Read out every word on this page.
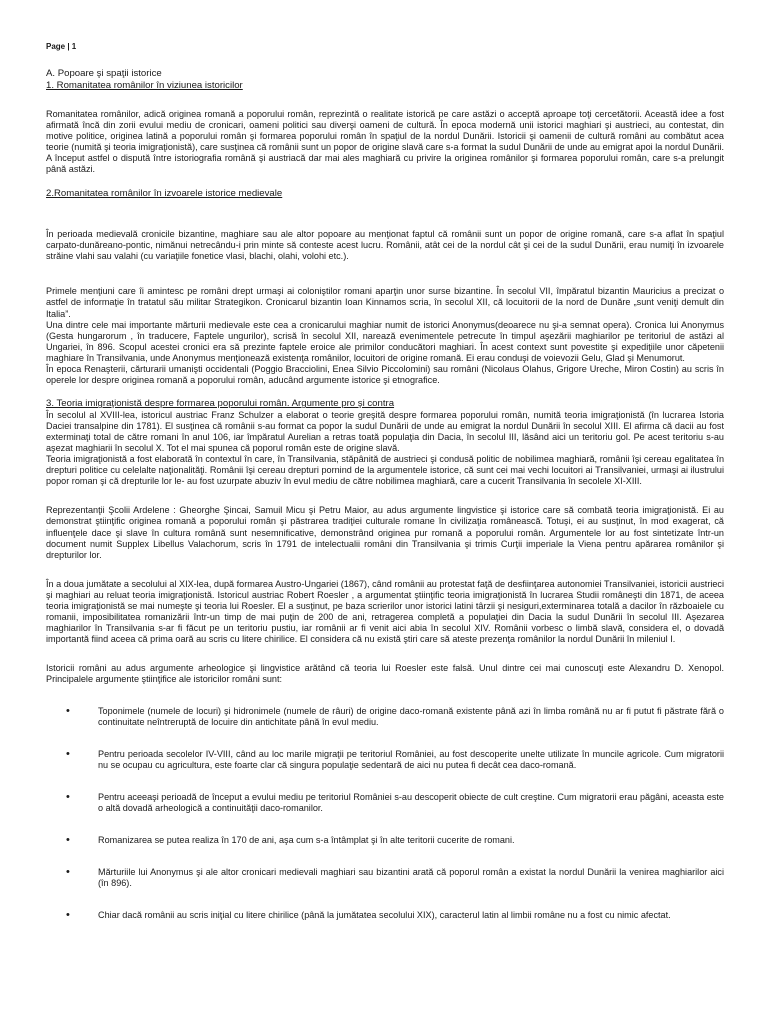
Page | 1

A. Popoare şi spaţii istorice

1. Romanitatea românilor în viziunea istoricilor

Romanitatea românilor, adică originea romană a poporului român, reprezintă o realitate istorică pe care astăzi o acceptă aproape toţi cercetătorii. Această idee a fost afirmată încă din zorii evului mediu de cronicari, oameni politici sau diverşi oameni de cultură. În epoca modernă unii istorici maghiari şi austrieci, au contestat, din motive politice, originea latină a poporului român şi formarea poporului român în spaţiul de la nordul Dunării. Istoricii şi oamenii de cultură români au combătut acea teorie (numită şi teoria imigraţionistă), care susţinea că românii sunt un popor de origine slavă care s-a format la sudul Dunării de unde au emigrat apoi la nordul Dunării. A început astfel o dispută între istoriografia română şi austriacă dar mai ales maghiară cu privire la originea românilor şi formarea poporului român, care s-a prelungit până astăzi.

2.Romanitatea românilor în izvoarele istorice medievale

În perioada medievală cronicile bizantine, maghiare sau ale altor popoare au menţionat faptul că românii sunt un popor de origine romană, care s-a aflat în spaţiul carpato-dunăreano-pontic, nimănui netrecându-i prin minte să conteste acest lucru. Românii, atât cei de la nordul cât şi cei de la sudul Dunării, erau numiţi în izvoarele străine vlahi sau valahi (cu variaţiile fonetice vlasi, blachi, olahi, volohi etc.).

Primele menţiuni care îi amintesc pe români drept urmaşi ai coloniştilor romani aparţin unor surse bizantine. În secolul VII, împăratul bizantin Mauricius a precizat o astfel de informaţie în tratatul său militar Strategikon. Cronicarul bizantin Ioan Kinnamos scria, în secolul XII, că locuitorii de la nord de Dunăre „sunt veniţi demult din Italia”.

Una dintre cele mai importante mărturii medievale este cea a cronicarului maghiar numit de istorici Anonymus(deoarece nu şi-a semnat opera). Cronica lui Anonymus (Gesta hungarorum , în traducere, Faptele ungurilor), scrisă în secolul XII, narează evenimentele petrecute în timpul aşezării maghiarilor pe teritoriul de astăzi al Ungariei, în 896. Scopul acestei cronici era să prezinte faptele eroice ale primilor conducători maghiari. În acest context sunt povestite şi expediţiile unor căpetenii maghiare în Transilvania, unde Anonymus menţionează existenţa românilor, locuitori de origine romană. Ei erau conduşi de voievozii Gelu, Glad şi Menumorut.

În epoca Renaşterii, cărturarii umanişti occidentali (Poggio Bracciolini, Enea Silvio Piccolomini) sau români (Nicolaus Olahus, Grigore Ureche, Miron Costin) au scris în operele lor despre originea romană a poporului român, aducând argumente istorice şi etnografice.

3. Teoria imigraţionistă despre formarea poporului român. Argumente pro şi contra

În secolul al XVIII-lea, istoricul austriac Franz Schulzer a elaborat o teorie greşită despre formarea poporului român, numită teoria imigraţionistă (în lucrarea Istoria Daciei transalpine din 1781). El susţinea că românii s-au format ca popor la sudul Dunării de unde au emigrat la nordul Dunării în secolul XIII. El afirma că dacii au fost exterminaţi total de către romani în anul 106, iar împăratul Aurelian a retras toată populaţia din Dacia, în secolul III, lăsând aici un teritoriu gol. Pe acest teritoriu s-au aşezat maghiarii în secolul X. Tot el mai spunea că poporul român este de origine slavă.

Teoria imigraţionistă a fost elaborată în contextul în care, în Transilvania, stăpânită de austrieci şi condusă politic de nobilimea maghiară, românii îşi cereau egalitatea în drepturi politice cu celelalte naţionalităţi. Românii îşi cereau drepturi pornind de la argumentele istorice, că sunt cei mai vechi locuitori ai Transilvaniei, urmaşi ai ilustrului popor roman şi că drepturile lor le- au fost uzurpate abuziv în evul mediu de către nobilimea maghiară, care a cucerit Transilvania în secolele XI-XIII.

Reprezentanţii Şcolii Ardelene : Gheorghe Şincai, Samuil Micu şi Petru Maior, au adus argumente lingvistice şi istorice care să combată teoria imigraţionistă. Ei au demonstrat ştiinţific originea romană a poporului român şi păstrarea tradiţiei culturale romane în civilizaţia românească. Totuşi, ei au susţinut, în mod exagerat, că influenţele dace şi slave în cultura română sunt nesemnificative, demonstrând originea pur romană a poporului român. Argumentele lor au fost sintetizate într-un document numit Supplex Libellus Valachorum, scris în 1791 de intelectualii români din Transilvania şi trimis Curţii imperiale la Viena pentru apărarea românilor şi drepturilor lor.

În a doua jumătate a secolului al XIX-lea, după formarea Austro-Ungariei (1867), când românii au protestat faţă de desfiinţarea autonomiei Transilvaniei, istoricii austrieci şi maghiari au reluat teoria imigraţionistă. Istoricul austriac Robert Roesler , a argumentat ştiinţific teoria imigraţionistă în lucrarea Studii româneşti din 1871, de aceea teoria imigraţionistă se mai numeşte şi teoria lui Roesler. El a susţinut, pe baza scrierilor unor istorici latini târzii şi nesiguri,exterminarea totală a dacilor în războaiele cu romanii, imposibilitatea romanizării într-un timp de mai puţin de 200 de ani, retragerea completă a populaţiei din Dacia la sudul Dunării în secolul III. Aşezarea maghiarilor în Transilvania s-ar fi făcut pe un teritoriu pustiu, iar românii ar fi venit aici abia în secolul XIV. Românii vorbesc o limbă slavă, considera el, o dovadă importantă fiind aceea că prima oară au scris cu litere chirilice. El considera că nu există ştiri care să ateste prezenţa românilor la nordul Dunării în mileniul I.

Istoricii români au adus argumente arheologice şi lingvistice arătând că teoria lui Roesler este falsă. Unul dintre cei mai cunoscuţi este Alexandru D. Xenopol. Principalele argumente ştiinţifice ale istoricilor români sunt:

•	Toponimele (numele de locuri) şi hidronimele (numele de râuri) de origine daco-romană existente până azi în limba română nu ar fi putut fi păstrate fără o continuitate neîntreruptă de locuire din antichitate până în evul mediu.
•	Pentru perioada secolelor IV-VIII, când au loc marile migraţii pe teritoriul României, au fost descoperite unelte utilizate în muncile agricole. Cum migratorii nu se ocupau cu agricultura, este foarte clar că singura populaţie sedentară de aici nu putea fi decât cea daco-romană.
•	Pentru aceeaşi perioadă de început a evului mediu pe teritoriul României s-au descoperit obiecte de cult creştine. Cum migratorii erau păgâni, aceasta este o altă dovadă arheologică a continuităţii daco-romanilor.
•	Romanizarea se putea realiza în 170 de ani, aşa cum s-a întâmplat şi în alte teritorii cucerite de romani.
•	Mărturiile lui Anonymus şi ale altor cronicari medievali maghiari sau bizantini arată că poporul român a existat la nordul Dunării la venirea maghiarilor aici (în 896).
•	Chiar dacă românii au scris iniţial cu litere chirilice (până la jumătatea secolului XIX), caracterul latin al limbii române nu a fost cu nimic afectat.
